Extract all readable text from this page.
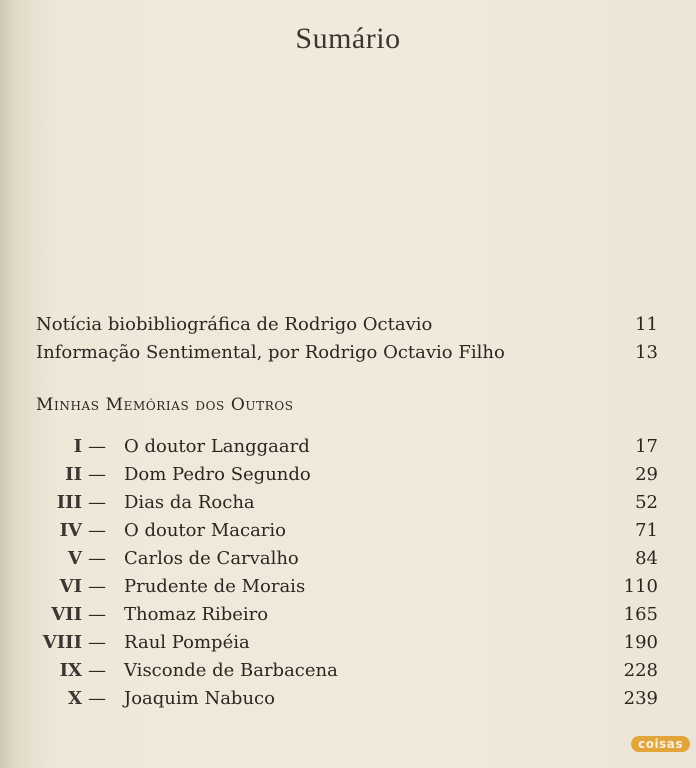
Sumário
Notícia biobibliográfica de Rodrigo Octavio	11
Informação Sentimental, por Rodrigo Octavio Filho	13
Minhas Memórias dos Outros
I — O doutor Langgaard	17
II — Dom Pedro Segundo	29
III — Dias da Rocha	52
IV — O doutor Macario	71
V — Carlos de Carvalho	84
VI — Prudente de Morais	110
VII — Thomaz Ribeiro	165
VIII — Raul Pompéia	190
IX — Visconde de Barbacena	228
X — Joaquim Nabuco	239
coisas
